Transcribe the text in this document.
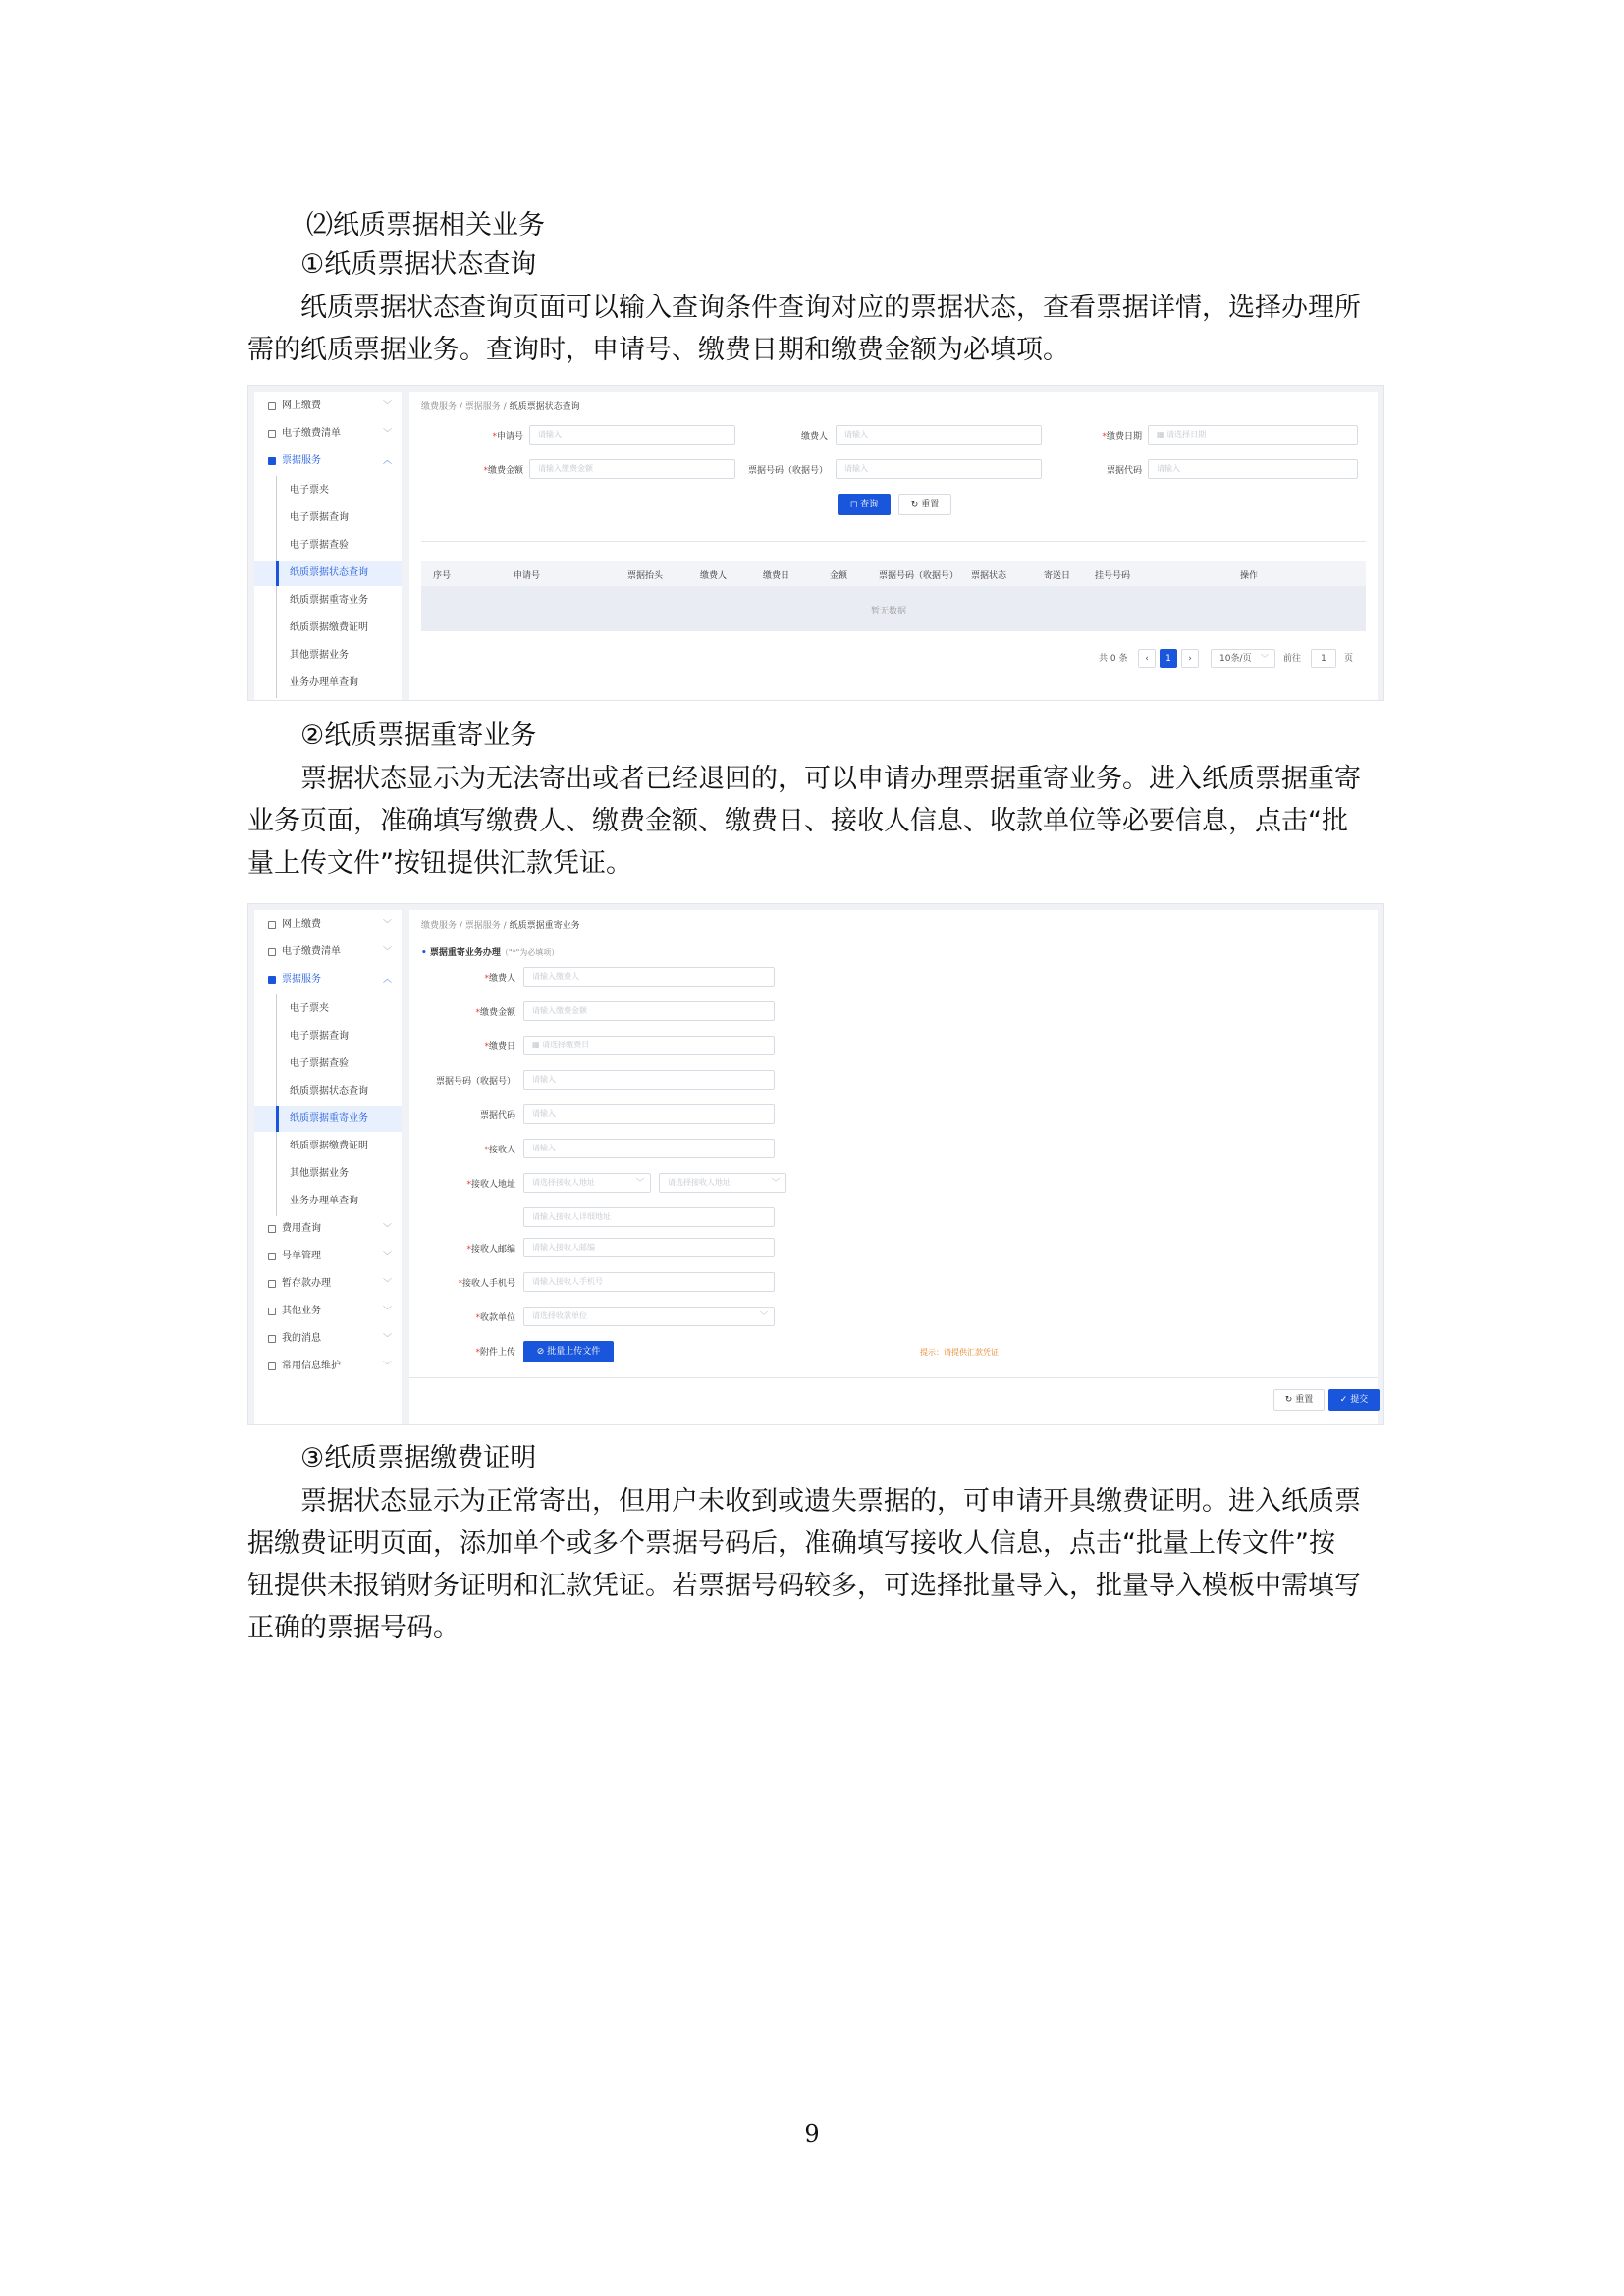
⑵纸质票据相关业务
①纸质票据状态查询
纸质票据状态查询页面可以输入查询条件查询对应的票据状态，查看票据详情，选择办理所
需的纸质票据业务。查询时，申请号、缴费日期和缴费金额为必填项。
网上缴费	﹀
电子缴费清单	﹀
票据服务	︿
电子票夹
电子票据查询
电子票据查验
纸质票据状态查询
纸质票据重寄业务
纸质票据缴费证明
其他票据业务
业务办理单查询
缴费服务 / 票据服务 / 纸质票据状态查询
*申请号	请输入	缴费人	请输入	*缴费日期	▦ 请选择日期
*缴费金额	请输入缴费金额	票据号码（收据号）	请输入	票据代码	请输入
◻ 查询	↻ 重置
序号	申请号	票据抬头	缴费人	缴费日	金额	票据号码（收据号） 票据状态	寄送日	挂号号码	操作
暂无数据
共 0 条	‹	1	›	10条/页 ﹀ 前往	1	页
②纸质票据重寄业务
票据状态显示为无法寄出或者已经退回的，可以申请办理票据重寄业务。进入纸质票据重寄
业务页面，准确填写缴费人、缴费金额、缴费日、接收人信息、收款单位等必要信息，点击“批
量上传文件”按钮提供汇款凭证。
网上缴费	﹀
电子缴费清单	﹀
票据服务	︿
电子票夹
电子票据查询
电子票据查验
纸质票据状态查询
纸质票据重寄业务
纸质票据缴费证明
其他票据业务
业务办理单查询
费用查询	﹀
号单管理	﹀
暂存款办理	﹀
其他业务	﹀
我的消息	﹀
常用信息维护	﹀
缴费服务 / 票据服务 / 纸质票据重寄业务
• 票据重寄业务办理（"*"为必填项）
*缴费人	请输入缴费人
*缴费金额	请输入缴费金额
*缴费日	▦ 请选择缴费日
票据号码（收据号）	请输入
票据代码	请输入
*接收人	请输入
*接收人地址	请选择接收人地址	﹀	请选择接收人地址	﹀
请输入接收人详细地址
*接收人邮编	请输入接收人邮编
*接收人手机号	请输入接收人手机号
*收款单位	请选择收款单位	﹀
*附件上传	⊘ 批量上传文件	提示：请提供汇款凭证
↻ 重置	✓ 提交
③纸质票据缴费证明
票据状态显示为正常寄出，但用户未收到或遗失票据的，可申请开具缴费证明。进入纸质票
据缴费证明页面，添加单个或多个票据号码后，准确填写接收人信息，点击“批量上传文件”按
钮提供未报销财务证明和汇款凭证。若票据号码较多，可选择批量导入，批量导入模板中需填写
正确的票据号码。
9
